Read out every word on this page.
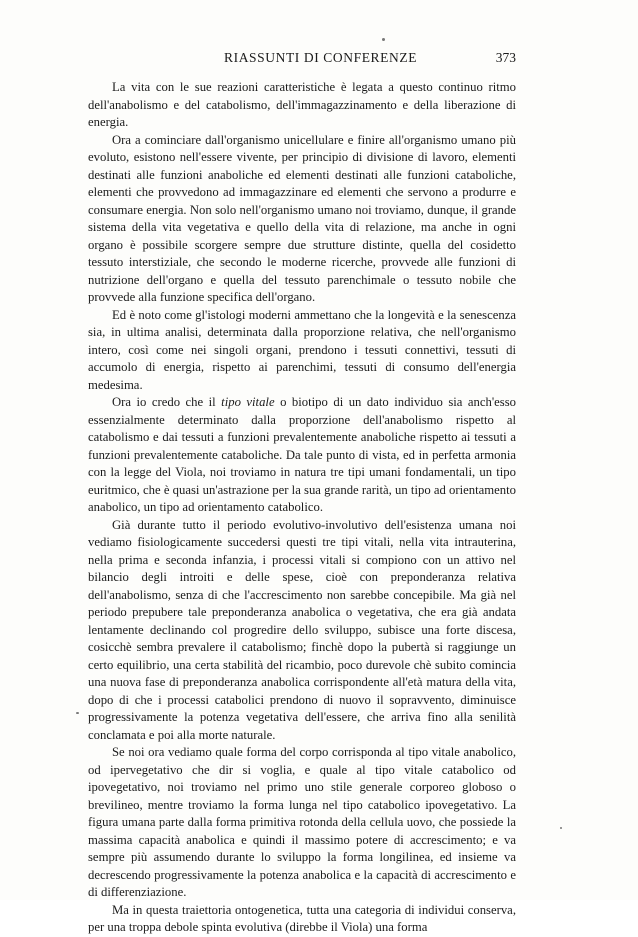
RIASSUNTI DI CONFERENZE	373

La vita con le sue reazioni caratteristiche è legata a questo continuo ritmo dell'anabolismo e del catabolismo, dell'immagazzinamento e della liberazione di energia.

Ora a cominciare dall'organismo unicellulare e finire all'organismo umano più evoluto, esistono nell'essere vivente, per principio di divisione di lavoro, elementi destinati alle funzioni anaboliche ed elementi destinati alle funzioni cataboliche, elementi che provvedono ad immagazzinare ed elementi che servono a produrre e consumare energia. Non solo nell'organismo umano noi troviamo, dunque, il grande sistema della vita vegetativa e quello della vita di relazione, ma anche in ogni organo è possibile scorgere sempre due strutture distinte, quella del cosidetto tessuto interstiziale, che secondo le moderne ricerche, provvede alle funzioni di nutrizione dell'organo e quella del tessuto parenchimale o tessuto nobile che provvede alla funzione specifica dell'organo.

Ed è noto come gl'istologi moderni ammettano che la longevità e la senescenza sia, in ultima analisi, determinata dalla proporzione relativa, che nell'organismo intero, così come nei singoli organi, prendono i tessuti connettivi, tessuti di accumolo di energia, rispetto ai parenchimi, tessuti di consumo dell'energia medesima.

Ora io credo che il tipo vitale o biotipo di un dato individuo sia anch'esso essenzialmente determinato dalla proporzione dell'anabolismo rispetto al catabolismo e dai tessuti a funzioni prevalentemente anaboliche rispetto ai tessuti a funzioni prevalentemente cataboliche. Da tale punto di vista, ed in perfetta armonia con la legge del Viola, noi troviamo in natura tre tipi umani fondamentali, un tipo euritmico, che è quasi un'astrazione per la sua grande rarità, un tipo ad orientamento anabolico, un tipo ad orientamento catabolico.

Già durante tutto il periodo evolutivo-involutivo dell'esistenza umana noi vediamo fisiologicamente succedersi questi tre tipi vitali, nella vita intrauterina, nella prima e seconda infanzia, i processi vitali si compiono con un attivo nel bilancio degli introiti e delle spese, cioè con preponderanza relativa dell'anabolismo, senza di che l'accrescimento non sarebbe concepibile. Ma già nel periodo prepubere tale preponderanza anabolica o vegetativa, che era già andata lentamente declinando col progredire dello sviluppo, subisce una forte discesa, cosicchè sembra prevalere il catabolismo; finchè dopo la pubertà si raggiunge un certo equilibrio, una certa stabilità del ricambio, poco durevole chè subito comincia una nuova fase di preponderanza anabolica corrispondente all'età matura della vita, dopo di che i processi catabolici prendono di nuovo il sopravvento, diminuisce progressivamente la potenza vegetativa dell'essere, che arriva fino alla senilità conclamata e poi alla morte naturale.

Se noi ora vediamo quale forma del corpo corrisponda al tipo vitale anabolico, od ipervegetativo che dir si voglia, e quale al tipo vitale catabolico od ipovegetativo, noi troviamo nel primo uno stile generale corporeo globoso o brevilineo, mentre troviamo la forma lunga nel tipo catabolico ipovegetativo. La figura umana parte dalla forma primitiva rotonda della cellula uovo, che possiede la massima capacità anabolica e quindi il massimo potere di accrescimento; e va sempre più assumendo durante lo sviluppo la forma longilinea, ed insieme va decrescendo progressivamente la potenza anabolica e la capacità di accrescimento e di differenziazione.

Ma in questa traiettoria ontogenetica, tutta una categoria di individui conserva, per una troppa debole spinta evolutiva (direbbe il Viola) una forma
